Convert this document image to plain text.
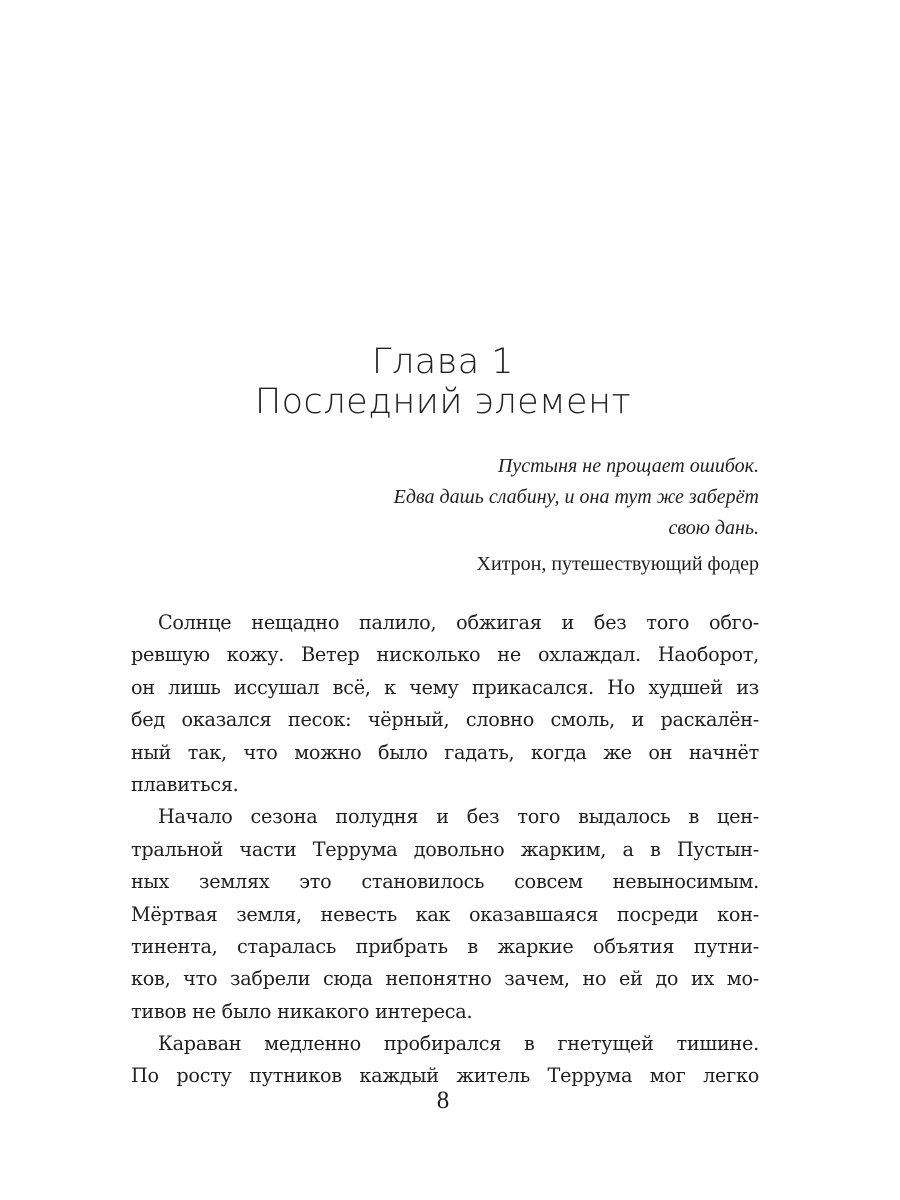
Глава 1
Последний элемент
Пустыня не прощает ошибок.
Едва дашь слабину, и она тут же заберёт
свою дань.
Хитрон, путешествующий фодер
Солнце нещадно палило, обжигая и без того обго-
ревшую кожу. Ветер нисколько не охлаждал. Наоборот,
он лишь иссушал всё, к чему прикасался. Но худшей из
бед оказался песок: чёрный, словно смоль, и раскалён-
ный так, что можно было гадать, когда же он начнёт
плавиться.
Начало сезона полудня и без того выдалось в цен-
тральной части Террума довольно жарким, а в Пустын-
ных землях это становилось совсем невыносимым.
Мёртвая земля, невесть как оказавшаяся посреди кон-
тинента, старалась прибрать в жаркие объятия путни-
ков, что забрели сюда непонятно зачем, но ей до их мо-
тивов не было никакого интереса.
Караван медленно пробирался в гнетущей тишине.
По росту путников каждый житель Террума мог легко
8
